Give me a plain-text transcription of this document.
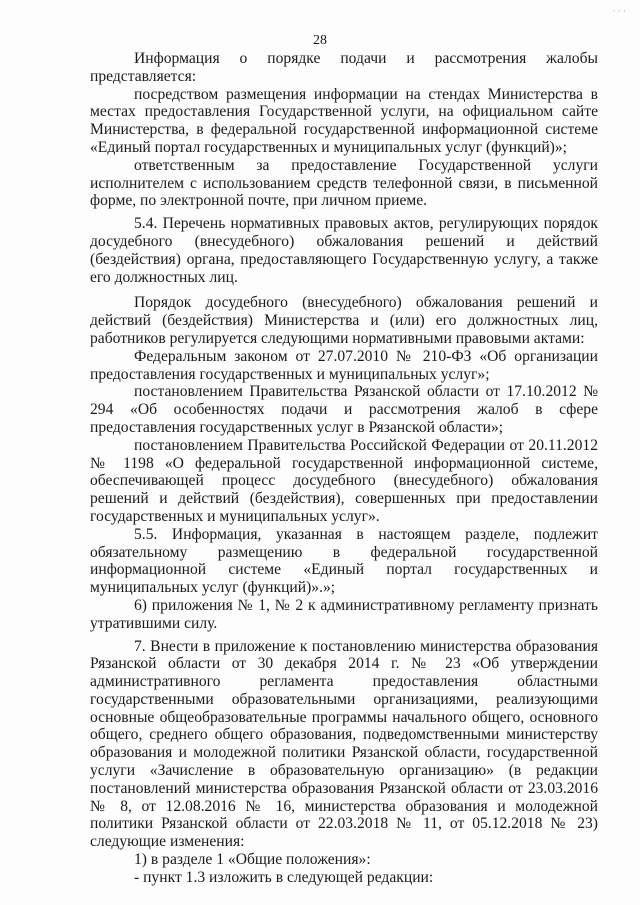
· · ·
28

Информация о порядке подачи и рассмотрения жалобы представляется:

посредством размещения информации на стендах Министерства в местах предоставления Государственной услуги, на официальном сайте Министерства, в федеральной государственной информационной системе «Единый портал государственных и муниципальных услуг (функций)»;

ответственным за предоставление Государственной услуги исполнителем с использованием средств телефонной связи, в письменной форме, по электронной почте, при личном приеме.

5.4. Перечень нормативных правовых актов, регулирующих порядок досудебного (внесудебного) обжалования решений и действий (бездействия) органа, предоставляющего Государственную услугу, а также его должностных лиц.

Порядок досудебного (внесудебного) обжалования решений и действий (бездействия) Министерства и (или) его должностных лиц, работников регулируется следующими нормативными правовыми актами:

Федеральным законом от 27.07.2010 № 210-ФЗ «Об организации предоставления государственных и муниципальных услуг»;

постановлением Правительства Рязанской области от 17.10.2012 № 294 «Об особенностях подачи и рассмотрения жалоб в сфере предоставления государственных услуг в Рязанской области»;

постановлением Правительства Российской Федерации от 20.11.2012 № 1198 «О федеральной государственной информационной системе, обеспечивающей процесс досудебного (внесудебного) обжалования решений и действий (бездействия), совершенных при предоставлении государственных и муниципальных услуг».

5.5. Информация, указанная в настоящем разделе, подлежит обязательному размещению в федеральной государственной информационной системе «Единый портал государственных и муниципальных услуг (функций)».»;

6) приложения № 1, № 2 к административному регламенту признать утратившими силу.

7. Внести в приложение к постановлению министерства образования Рязанской области от 30 декабря 2014 г. № 23 «Об утверждении административного регламента предоставления областными государственными образовательными организациями, реализующими основные общеобразовательные программы начального общего, основного общего, среднего общего образования, подведомственными министерству образования и молодежной политики Рязанской области, государственной услуги «Зачисление в образовательную организацию» (в редакции постановлений министерства образования Рязанской области от 23.03.2016 № 8, от 12.08.2016 № 16, министерства образования и молодежной политики Рязанской области от 22.03.2018 № 11, от 05.12.2018 № 23) следующие изменения:

1) в разделе 1 «Общие положения»:

- пункт 1.3 изложить в следующей редакции:
